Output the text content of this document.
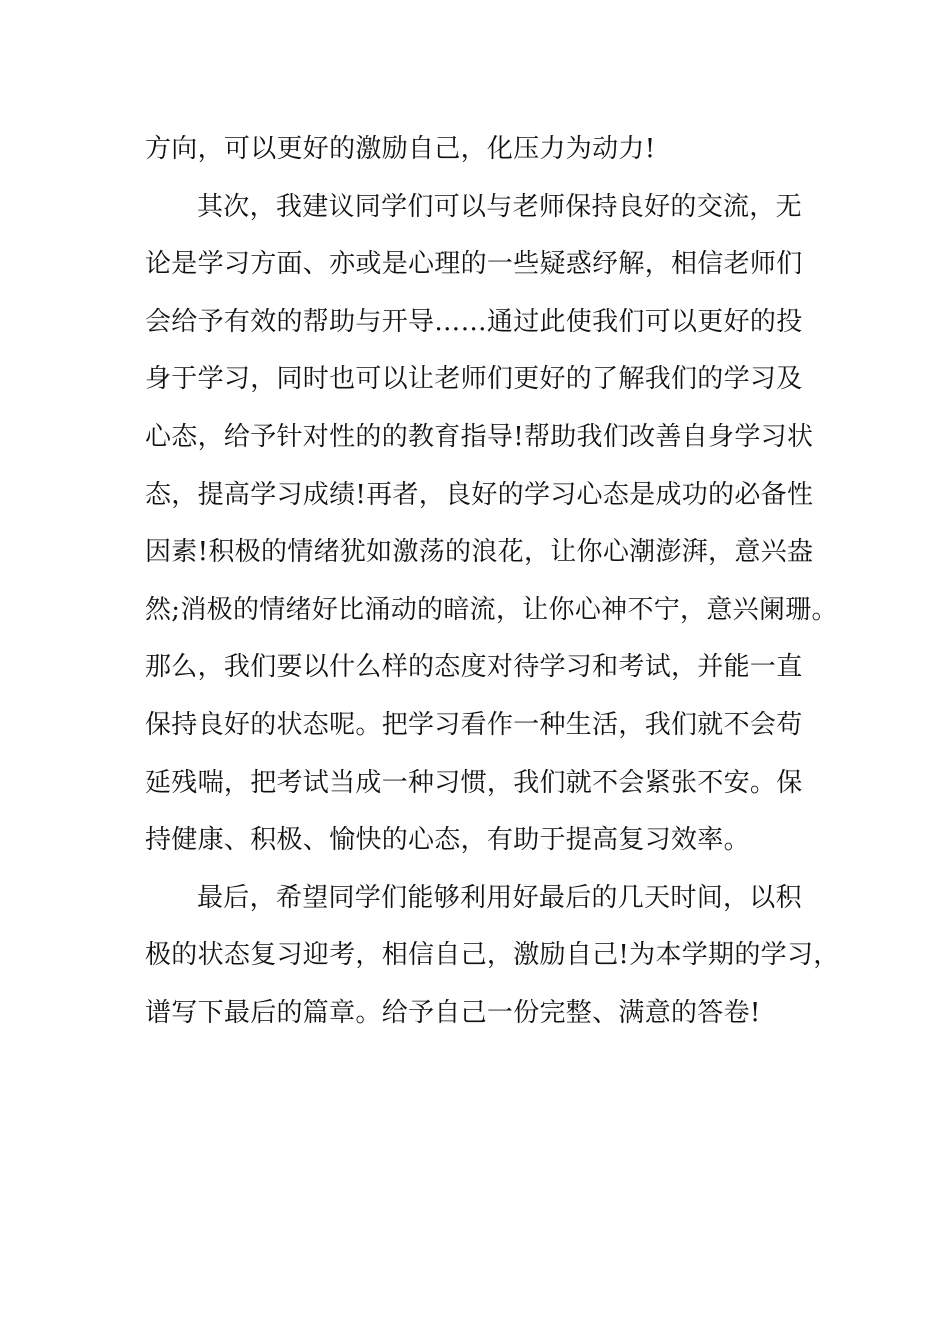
方向，可以更好的激励自己，化压力为动力!
其次，我建议同学们可以与老师保持良好的交流，无
论是学习方面、亦或是心理的一些疑惑纾解，相信老师们
会给予有效的帮助与开导……通过此使我们可以更好的投
身于学习，同时也可以让老师们更好的了解我们的学习及
心态，给予针对性的的教育指导!帮助我们改善自身学习状
态，提高学习成绩!再者，良好的学习心态是成功的必备性
因素!积极的情绪犹如激荡的浪花，让你心潮澎湃，意兴盎
然;消极的情绪好比涌动的暗流，让你心神不宁，意兴阑珊。
那么，我们要以什么样的态度对待学习和考试，并能一直
保持良好的状态呢。把学习看作一种生活，我们就不会苟
延残喘，把考试当成一种习惯，我们就不会紧张不安。保
持健康、积极、愉快的心态，有助于提高复习效率。
最后，希望同学们能够利用好最后的几天时间，以积
极的状态复习迎考，相信自己，激励自己!为本学期的学习，
谱写下最后的篇章。给予自己一份完整、满意的答卷!
